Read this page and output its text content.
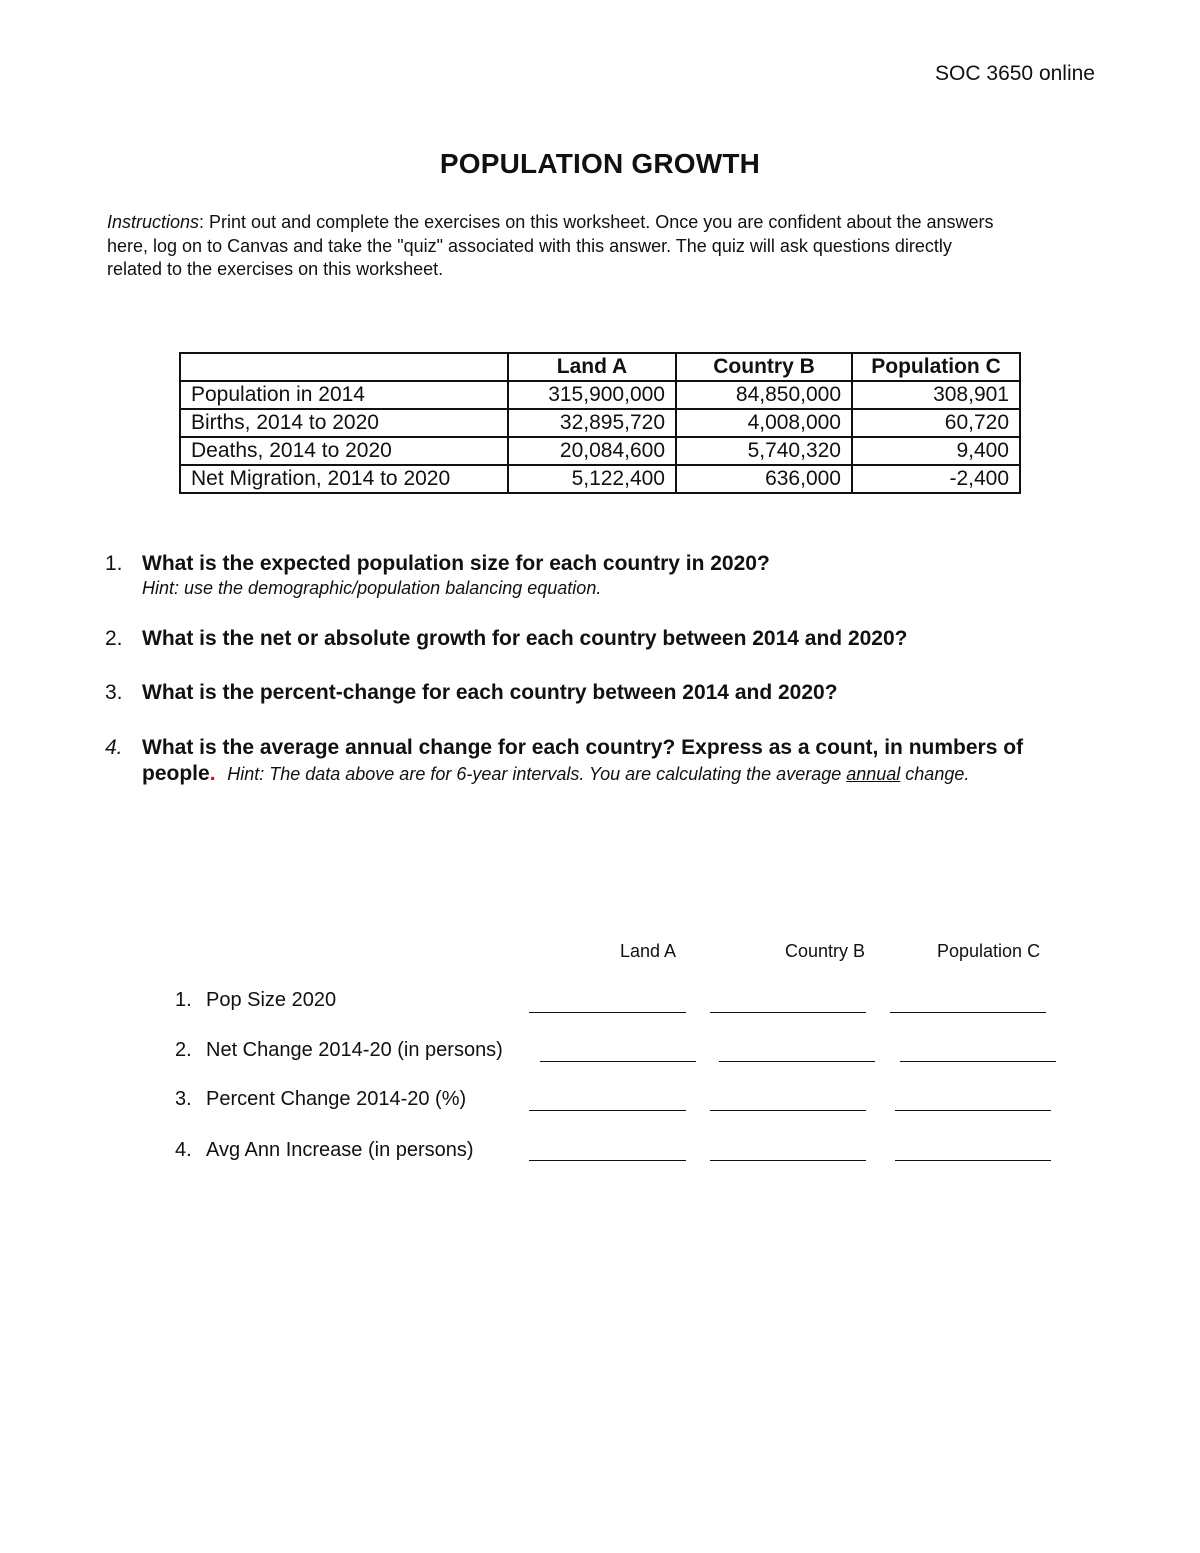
SOC 3650 online
POPULATION GROWTH
Instructions: Print out and complete the exercises on this worksheet. Once you are confident about the answers here, log on to Canvas and take the "quiz" associated with this answer. The quiz will ask questions directly related to the exercises on this worksheet.
	Land A	Country B	Population C
Population in 2014	315,900,000	84,850,000	308,901
Births, 2014 to 2020	32,895,720	4,008,000	60,720
Deaths, 2014 to 2020	20,084,600	5,740,320	9,400
Net Migration, 2014 to 2020	5,122,400	636,000	-2,400
1. What is the expected population size for each country in 2020?
Hint: use the demographic/population balancing equation.
2. What is the net or absolute growth for each country between 2014 and 2020?
3. What is the percent-change for each country between 2014 and 2020?
4. What is the average annual change for each country? Express as a count, in numbers of people. Hint: The data above are for 6-year intervals. You are calculating the average annual change.
Land A	Country B	Population C
1. Pop Size 2020
2. Net Change 2014-20 (in persons)
3. Percent Change 2014-20 (%)
4. Avg Ann Increase (in persons)
